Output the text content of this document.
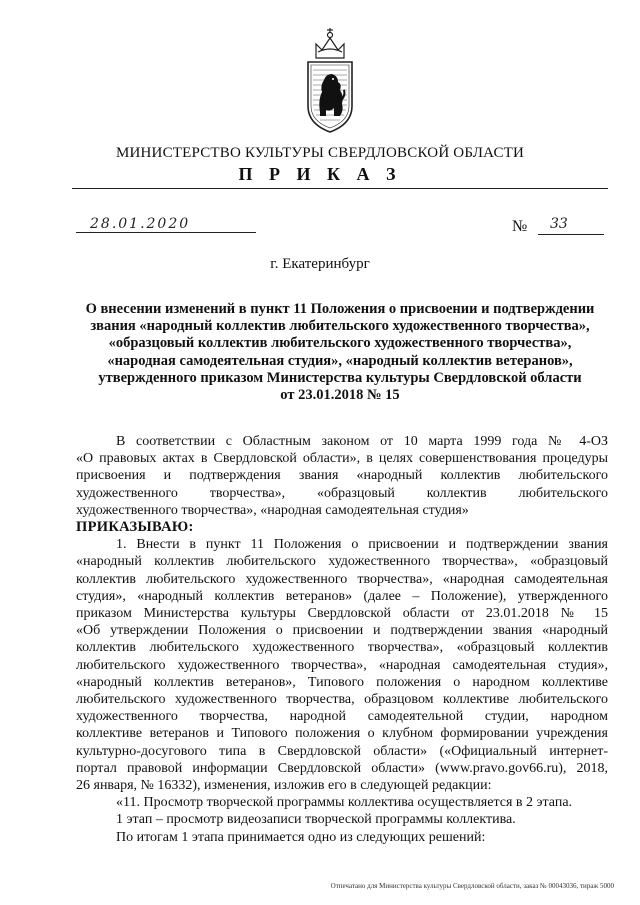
МИНИСТЕРСТВО КУЛЬТУРЫ СВЕРДЛОВСКОЙ ОБЛАСТИ
П Р И К А З
28.01.2020	№ 33
г. Екатеринбург
О внесении изменений в пункт 11 Положения о присвоении и подтверждении
звания «народный коллектив любительского художественного творчества»,
«образцовый коллектив любительского художественного творчества»,
«народная самодеятельная студия», «народный коллектив ветеранов»,
утвержденного приказом Министерства культуры Свердловской области
от 23.01.2018 № 15
В соответствии с Областным законом от 10 марта 1999 года № 4-ОЗ
«О правовых актах в Свердловской области», в целях совершенствования процедуры
присвоения и подтверждения звания «народный коллектив любительского
художественного творчества», «образцовый коллектив любительского
художественного творчества», «народная самодеятельная студия»
ПРИКАЗЫВАЮ:
1. Внести в пункт 11 Положения о присвоении и подтверждении звания
«народный коллектив любительского художественного творчества», «образцовый
коллектив любительского художественного творчества», «народная самодеятельная
студия», «народный коллектив ветеранов» (далее – Положение), утвержденного
приказом Министерства культуры Свердловской области от 23.01.2018 № 15
«Об утверждении Положения о присвоении и подтверждении звания «народный
коллектив любительского художественного творчества», «образцовый коллектив
любительского художественного творчества», «народная самодеятельная студия»,
«народный коллектив ветеранов», Типового положения о народном коллективе
любительского художественного творчества, образцовом коллективе любительского
художественного творчества, народной самодеятельной студии, народном
коллективе ветеранов и Типового положения о клубном формировании учреждения
культурно-досугового типа в Свердловской области» («Официальный интернет-
портал правовой информации Свердловской области» (www.pravo.gov66.ru), 2018,
26 января, № 16332), изменения, изложив его в следующей редакции:
«11. Просмотр творческой программы коллектива осуществляется в 2 этапа.
1 этап – просмотр видеозаписи творческой программы коллектива.
По итогам 1 этапа принимается одно из следующих решений:
Отпечатано для Министерства культуры Свердловской области, заказ № 00043036, тираж 5000
